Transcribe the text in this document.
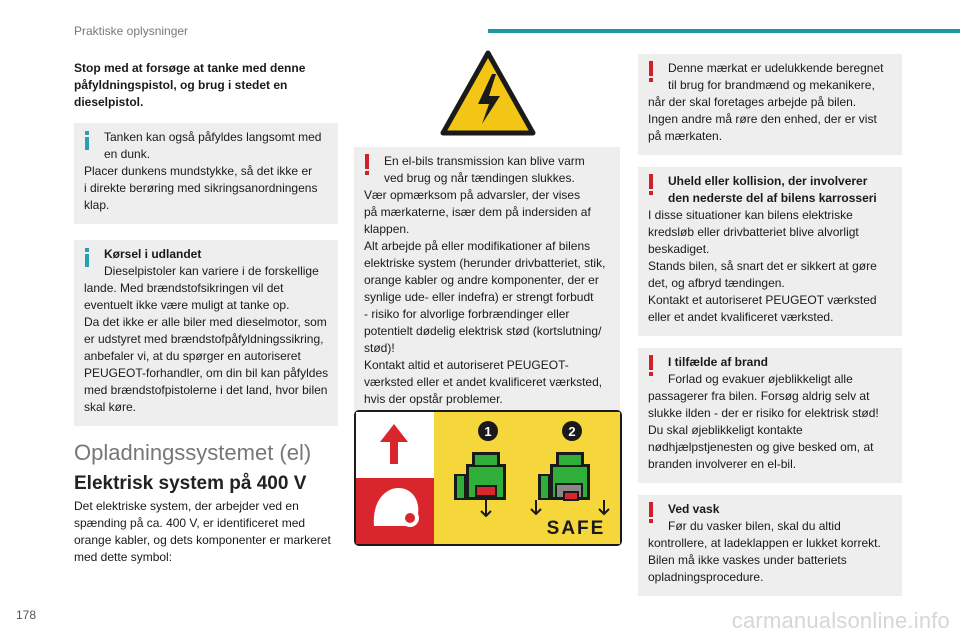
Praktiske oplysninger

Stop med at forsøge at tanke med denne
påfyldningspistol, og brug i stedet en
dieselpistol.

Tanken kan også påfyldes langsomt med
en dunk.
Placer dunkens mundstykke, så det ikke er
i direkte berøring med sikringsanordningens
klap.
Kørsel i udlandet
Dieselpistoler kan variere i de forskellige
lande. Med brændstofsikringen vil det
eventuelt ikke være muligt at tanke op.
Da det ikke er alle biler med dieselmotor, som
er udstyret med brændstofpåfyldningssikring,
anbefaler vi, at du spørger en autoriseret
PEUGEOT-forhandler, om din bil kan påfyldes
med brændstofpistolerne i det land, hvor bilen
skal køre.
Opladningssystemet (el)
Elektrisk system på 400 V

Det elektriske system, der arbejder ved en
spænding på ca. 400 V, er identificeret med
orange kabler, og dets komponenter er markeret
med dette symbol:

En el-bils transmission kan blive varm
ved brug og når tændingen slukkes.
Vær opmærksom på advarsler, der vises
på mærkaterne, især dem på indersiden af
klappen.
Alt arbejde på eller modifikationer af bilens
elektriske system (herunder drivbatteriet, stik,
orange kabler og andre komponenter, der er
synlige ude- eller indefra) er strengt forbudt
- risiko for alvorlige forbrændinger eller
potentielt dødelig elektrisk stød (kortslutning/
stød)!
Kontakt altid et autoriseret PEUGEOT-
værksted eller et andet kvalificeret værksted,
hvis der opstår problemer.
1	2
SAFE
Denne mærkat er udelukkende beregnet
til brug for brandmænd og mekanikere,
når der skal foretages arbejde på bilen.
Ingen andre må røre den enhed, der er vist
på mærkaten.
Uheld eller kollision, der involverer
den nederste del af bilens karrosseri
I disse situationer kan bilens elektriske
kredsløb eller drivbatteriet blive alvorligt
beskadiget.
Stands bilen, så snart det er sikkert at gøre
det, og afbryd tændingen.
Kontakt et autoriseret PEUGEOT værksted
eller et andet kvalificeret værksted.
I tilfælde af brand
Forlad og evakuer øjeblikkeligt alle
passagerer fra bilen. Forsøg aldrig selv at
slukke ilden - der er risiko for elektrisk stød!
Du skal øjeblikkeligt kontakte
nødhjælpstjenesten og give besked om, at
branden involverer en el-bil.
Ved vask
Før du vasker bilen, skal du altid
kontrollere, at ladeklappen er lukket korrekt.
Bilen må ikke vaskes under batteriets
opladningsprocedure.
178	carmanualsonline.info
